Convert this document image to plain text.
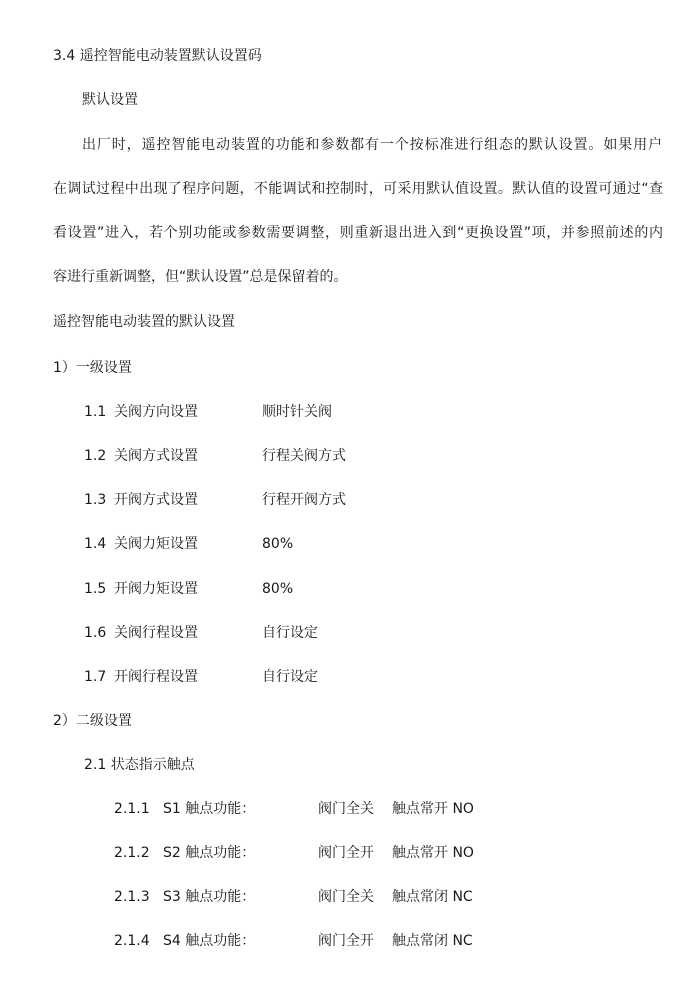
3.4 遥控智能电动装置默认设置码
默认设置
出厂时，遥控智能电动装置的功能和参数都有一个按标准进行组态的默认设置。如果用户
在调试过程中出现了程序问题，不能调试和控制时，可采用默认值设置。默认值的设置可通过“查
看设置”进入，若个别功能或参数需要调整，则重新退出进入到“更换设置”项，并参照前述的内
容进行重新调整，但“默认设置”总是保留着的。
遥控智能电动装置的默认设置
1）一级设置
1.1 关阀方向设置	顺时针关阀
1.2 关阀方式设置	行程关阀方式
1.3 开阀方式设置	行程开阀方式
1.4 关阀力矩设置	80%
1.5 开阀力矩设置	80%
1.6 关阀行程设置	自行设定
1.7 开阀行程设置	自行设定
2）二级设置
2.1 状态指示触点
2.1.1 S1 触点功能：	阀门全关 触点常开 NO
2.1.2 S2 触点功能：	阀门全开 触点常开 NO
2.1.3 S3 触点功能：	阀门全关 触点常闭 NC
2.1.4 S4 触点功能：	阀门全开 触点常闭 NC
